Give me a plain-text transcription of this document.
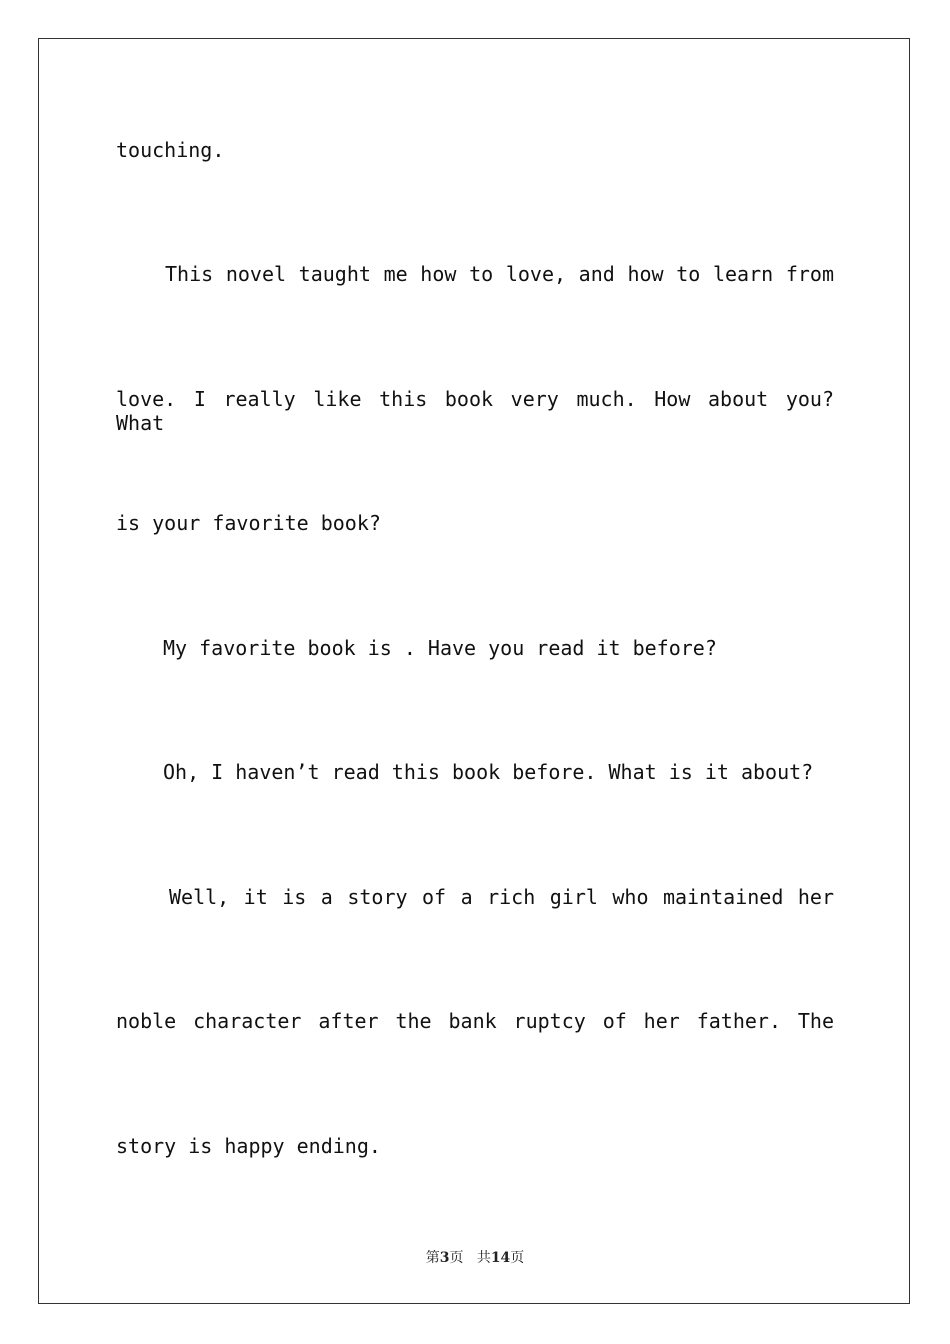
touching.
This novel taught me how to love, and how to learn from
love. I really like this book very much. How about you? What
is your favorite book?
My favorite book is . Have you read it before?
Oh, I haven’t read this book before. What is it about?
Well, it is a story of a rich girl who maintained her
noble character after the bank ruptcy of her father. The
story is happy ending.
第3页 共14页
